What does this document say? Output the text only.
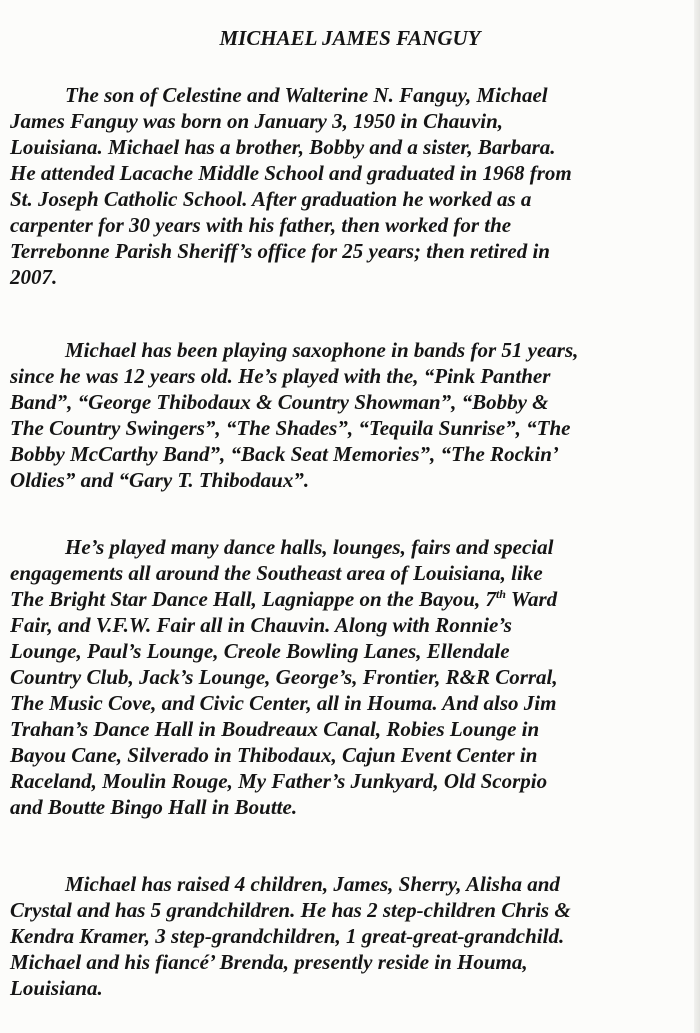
MICHAEL JAMES FANGUY
The son of Celestine and Walterine N. Fanguy, Michael
James Fanguy was born on January 3, 1950 in Chauvin,
Louisiana. Michael has a brother, Bobby and a sister, Barbara.
He attended Lacache Middle School and graduated in 1968 from
St. Joseph Catholic School. After graduation he worked as a
carpenter for 30 years with his father, then worked for the
Terrebonne Parish Sheriff’s office for 25 years; then retired in
2007.
Michael has been playing saxophone in bands for 51 years,
since he was 12 years old. He’s played with the, “Pink Panther
Band”, “George Thibodaux & Country Showman”, “Bobby &
The Country Swingers”, “The Shades”, “Tequila Sunrise”, “The
Bobby McCarthy Band”, “Back Seat Memories”, “The Rockin’
Oldies” and “Gary T. Thibodaux”.
He’s played many dance halls, lounges, fairs and special
engagements all around the Southeast area of Louisiana, like
The Bright Star Dance Hall, Lagniappe on the Bayou, 7th Ward
Fair, and V.F.W. Fair all in Chauvin. Along with Ronnie’s
Lounge, Paul’s Lounge, Creole Bowling Lanes, Ellendale
Country Club, Jack’s Lounge, George’s, Frontier, R&R Corral,
The Music Cove, and Civic Center, all in Houma. And also Jim
Trahan’s Dance Hall in Boudreaux Canal, Robies Lounge in
Bayou Cane, Silverado in Thibodaux, Cajun Event Center in
Raceland, Moulin Rouge, My Father’s Junkyard, Old Scorpio
and Boutte Bingo Hall in Boutte.
Michael has raised 4 children, James, Sherry, Alisha and
Crystal and has 5 grandchildren. He has 2 step-children Chris &
Kendra Kramer, 3 step-grandchildren, 1 great-great-grandchild.
Michael and his fiancé’ Brenda, presently reside in Houma,
Louisiana.
